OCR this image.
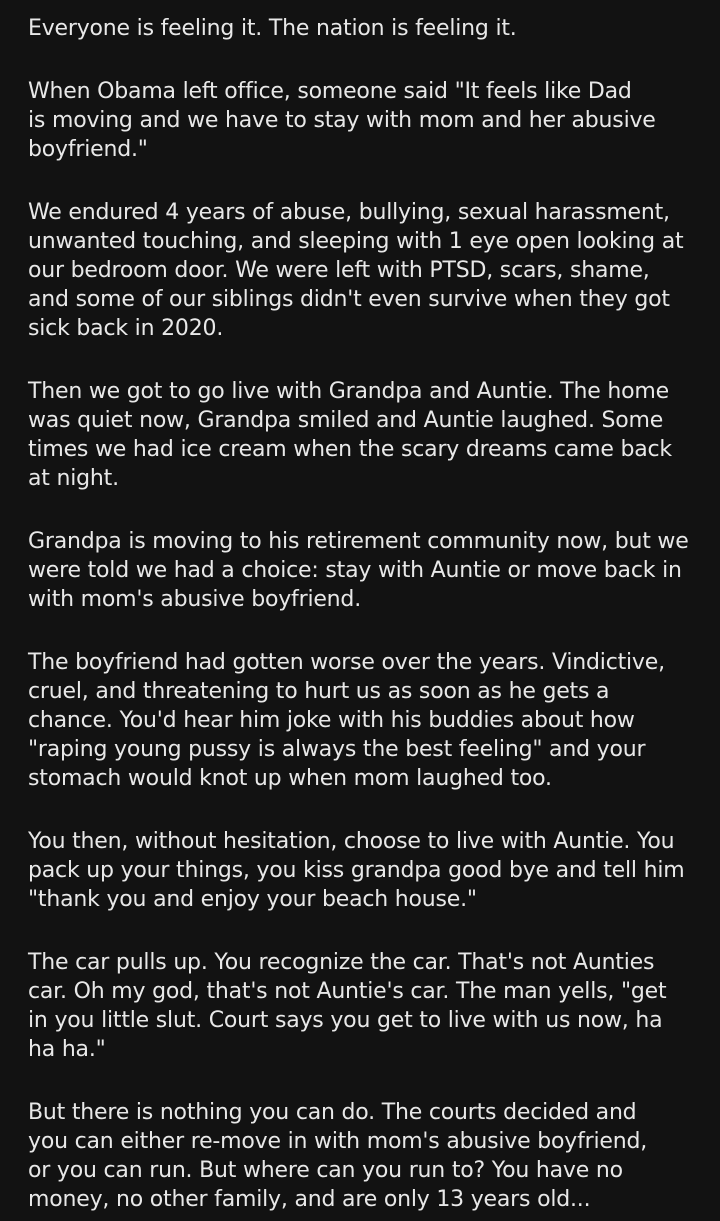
Everyone is feeling it. The nation is feeling it.

When Obama left office, someone said "It feels like Dad
is moving and we have to stay with mom and her abusive
boyfriend."

We endured 4 years of abuse, bullying, sexual harassment,
unwanted touching, and sleeping with 1 eye open looking at
our bedroom door. We were left with PTSD, scars, shame,
and some of our siblings didn't even survive when they got
sick back in 2020.

Then we got to go live with Grandpa and Auntie. The home
was quiet now, Grandpa smiled and Auntie laughed. Some
times we had ice cream when the scary dreams came back
at night.

Grandpa is moving to his retirement community now, but we
were told we had a choice: stay with Auntie or move back in
with mom's abusive boyfriend.

The boyfriend had gotten worse over the years. Vindictive,
cruel, and threatening to hurt us as soon as he gets a
chance. You'd hear him joke with his buddies about how
"raping young pussy is always the best feeling" and your
stomach would knot up when mom laughed too.

You then, without hesitation, choose to live with Auntie. You
pack up your things, you kiss grandpa good bye and tell him
"thank you and enjoy your beach house."

The car pulls up. You recognize the car. That's not Aunties
car. Oh my god, that's not Auntie's car. The man yells, "get
in you little slut. Court says you get to live with us now, ha
ha ha."

But there is nothing you can do. The courts decided and
you can either re-move in with mom's abusive boyfriend,
or you can run. But where can you run to? You have no
money, no other family, and are only 13 years old...
